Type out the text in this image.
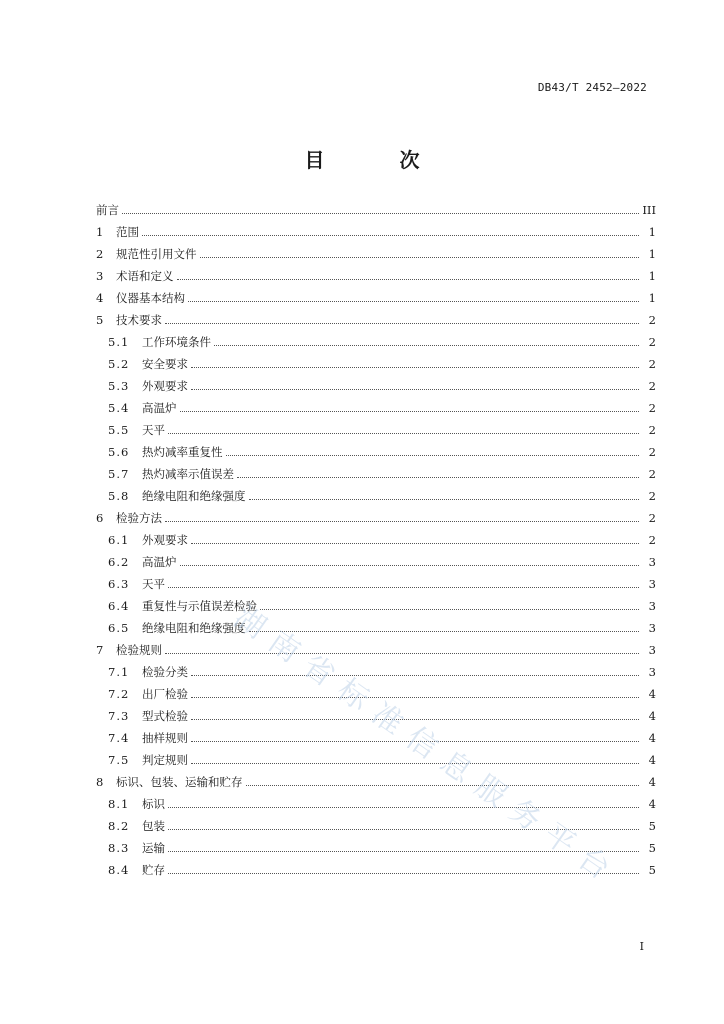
DB43/T 2452—2022
目 次
前言	III
1	范围	1
2	规范性引用文件	1
3	术语和定义	1
4	仪器基本结构	1
5	技术要求	2
5.1	工作环境条件	2
5.2	安全要求	2
5.3	外观要求	2
5.4	高温炉	2
5.5	天平	2
5.6	热灼减率重复性	2
5.7	热灼减率示值误差	2
5.8	绝缘电阻和绝缘强度	2
6	检验方法	2
6.1	外观要求	2
6.2	高温炉	3
6.3	天平	3
6.4	重复性与示值误差检验	3
6.5	绝缘电阻和绝缘强度	3
7	检验规则	3
7.1	检验分类	3
7.2	出厂检验	4
7.3	型式检验	4
7.4	抽样规则	4
7.5	判定规则	4
8	标识、包装、运输和贮存	4
8.1	标识	4
8.2	包装	5
8.3	运输	5
8.4	贮存	5
I
湖南省标准信息服务平台
